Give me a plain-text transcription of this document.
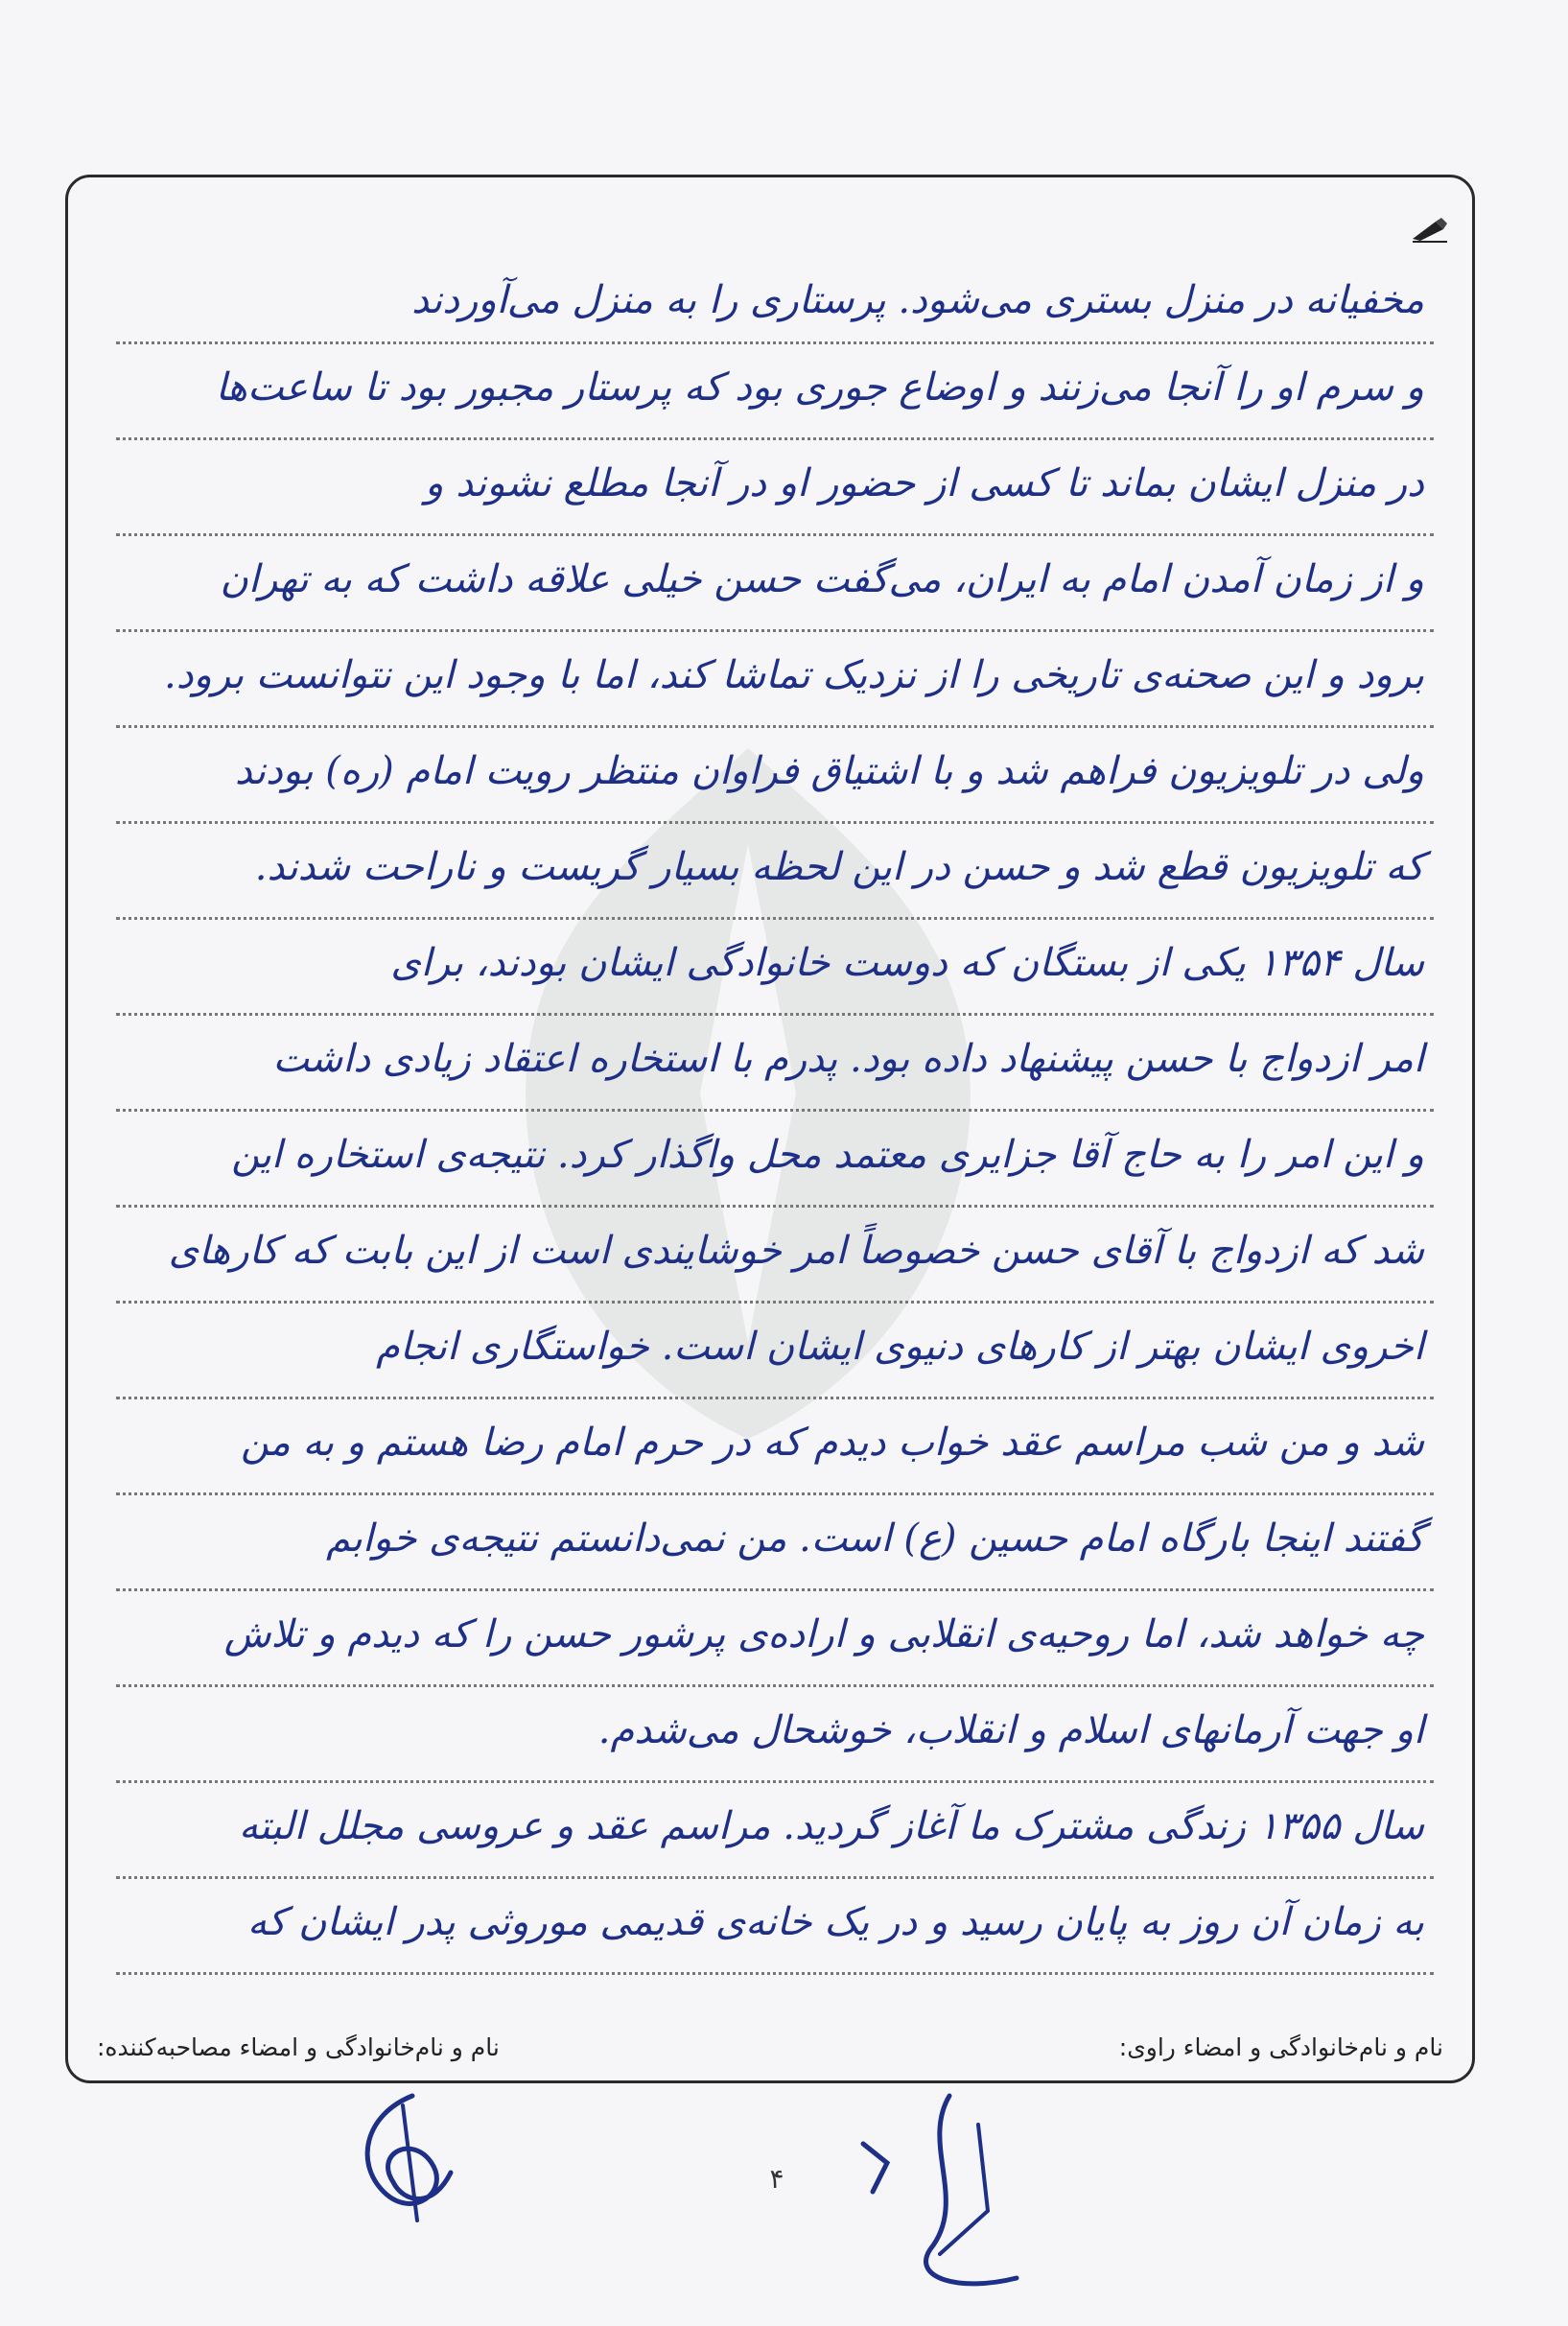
مخفیانه در منزل بستری می‌شود. پرستاری را به منزل می‌آوردند
و سرم او را آنجا می‌زنند و اوضاع جوری بود که پرستار مجبور بود تا ساعت‌ها
در منزل ایشان بماند تا کسی از حضور او در آنجا مطلع نشوند و
و از زمان آمدن امام به ایران، می‌گفت حسن خیلی علاقه داشت که به تهران
برود و این صحنه‌ی تاریخی را از نزدیک تماشا کند، اما با وجود این نتوانست برود.
ولی در تلویزیون فراهم شد و با اشتیاق فراوان منتظر رویت امام (ره) بودند
که تلویزیون قطع شد و حسن در این لحظه بسیار گریست و ناراحت شدند.
سال ۱۳۵۴ یکی از بستگان که دوست خانوادگی ایشان بودند، برای
امر ازدواج با حسن پیشنهاد داده بود. پدرم با استخاره اعتقاد زیادی داشت
و این امر را به حاج آقا جزایری معتمد محل واگذار کرد. نتیجه‌ی استخاره این
شد که ازدواج با آقای حسن خصوصاً امر خوشایندی است از این بابت که کارهای
اخروی ایشان بهتر از کارهای دنیوی ایشان است. خواستگاری انجام
شد و من شب مراسم عقد خواب دیدم که در حرم امام رضا هستم و به من
گفتند اینجا بارگاه امام حسین (ع) است. من نمی‌دانستم نتیجه‌ی خوابم
چه خواهد شد، اما روحیه‌ی انقلابی و اراده‌ی پرشور حسن را که دیدم و تلاش
او جهت آرمانهای اسلام و انقلاب، خوشحال می‌شدم.
سال ۱۳۵۵ زندگی مشترک ما آغاز گردید. مراسم عقد و عروسی مجلل البته
به زمان آن روز به پایان رسید و در یک خانه‌ی قدیمی موروثی پدر ایشان که
نام و نام‌خانوادگی و امضاء راوی:
نام و نام‌خانوادگی و امضاء مصاحبه‌کننده:
۴
